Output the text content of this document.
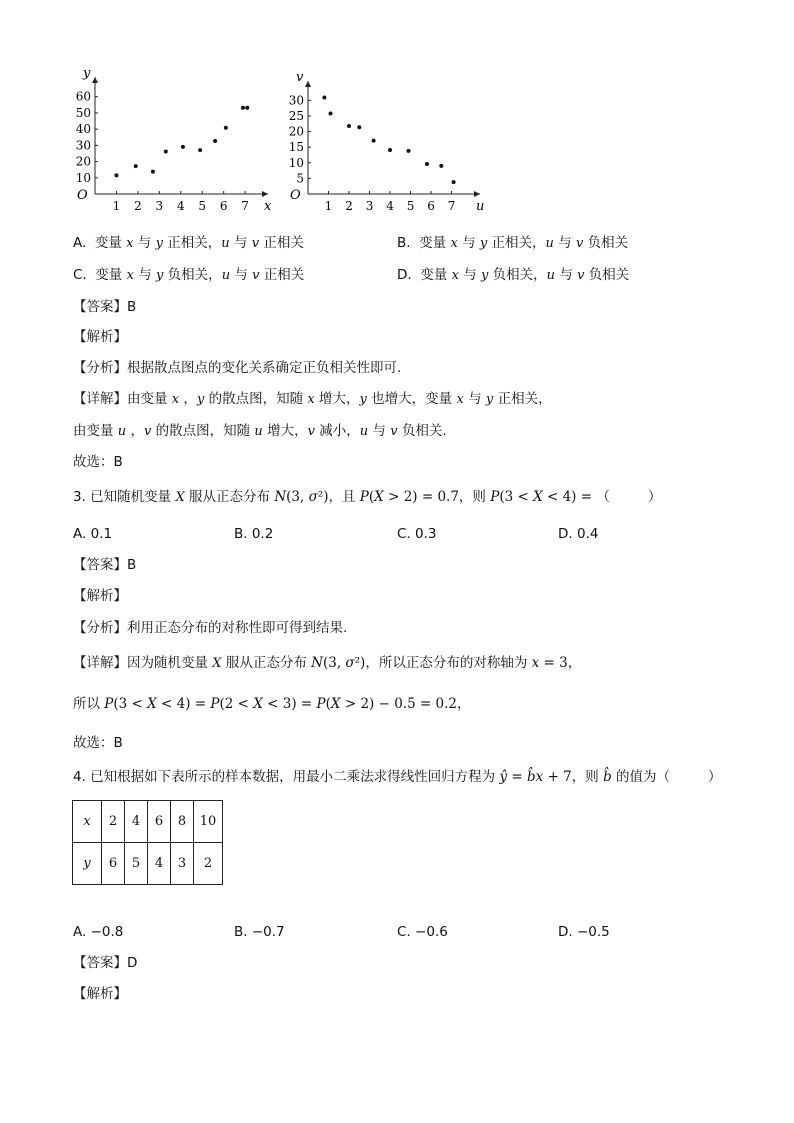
O
x
y
1 2 3 4 5 6 7
10
20
30
40
50
60
O
u
v
1 2 3 4 5 6 7
5
10
15
20
25
30
A.  变量 x 与 y 正相关，u 与 v 正相关	B.  变量 x 与 y 正相关，u 与 v 负相关
C.  变量 x 与 y 负相关，u 与 v 正相关	D.  变量 x 与 y 负相关，u 与 v 负相关
【答案】B
【解析】
【分析】根据散点图点的变化关系确定正负相关性即可.
【详解】由变量 x ，y 的散点图，知随 x 增大，y 也增大，变量 x 与 y 正相关，
由变量 u ，v 的散点图，知随 u 增大，v 减小，u 与 v 负相关.
故选：B
3. 已知随机变量 X 服从正态分布 N(3, σ²)，且 P(X > 2) = 0.7，则 P(3 < X < 4) = （	）
A. 0.1	B. 0.2	C. 0.3	D. 0.4
【答案】B
【解析】
【分析】利用正态分布的对称性即可得到结果.
【详解】因为随机变量 X 服从正态分布 N(3, σ²)，所以正态分布的对称轴为 x = 3，
所以 P(3 < X < 4) = P(2 < X < 3) = P(X > 2) − 0.5 = 0.2，
故选：B
4. 已知根据如下表所示的样本数据，用最小二乘法求得线性回归方程为 ŷ = b̂x + 7，则 b̂ 的值为（	）
x	2	4	6	8	10
y	6	5	4	3	2
A. −0.8	B. −0.7	C. −0.6	D. −0.5
【答案】D
【解析】
